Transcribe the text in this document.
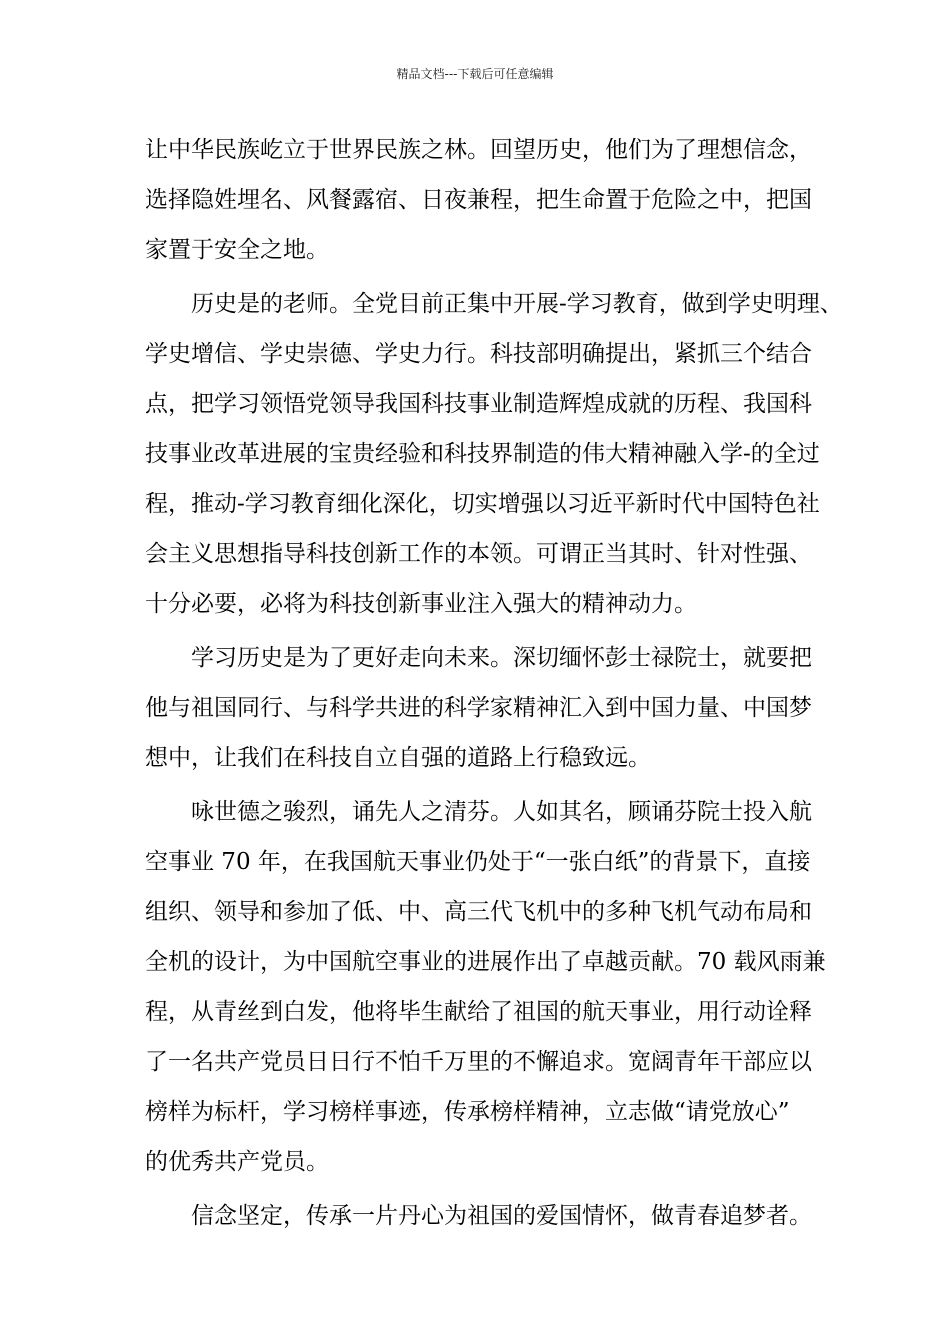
精品文档---下载后可任意编辑
让中华民族屹立于世界民族之林。回望历史，他们为了理想信念，
选择隐姓埋名、风餐露宿、日夜兼程，把生命置于危险之中，把国
家置于安全之地。
历史是的老师。全党目前正集中开展-学习教育，做到学史明理、
学史增信、学史崇德、学史力行。科技部明确提出，紧抓三个结合
点，把学习领悟党领导我国科技事业制造辉煌成就的历程、我国科
技事业改革进展的宝贵经验和科技界制造的伟大精神融入学-的全过
程，推动-学习教育细化深化，切实增强以习近平新时代中国特色社
会主义思想指导科技创新工作的本领。可谓正当其时、针对性强、
十分必要，必将为科技创新事业注入强大的精神动力。
学习历史是为了更好走向未来。深切缅怀彭士禄院士，就要把
他与祖国同行、与科学共进的科学家精神汇入到中国力量、中国梦
想中，让我们在科技自立自强的道路上行稳致远。
咏世德之骏烈，诵先人之清芬。人如其名，顾诵芬院士投入航
空事业 70 年，在我国航天事业仍处于“一张白纸”的背景下，直接
组织、领导和参加了低、中、高三代飞机中的多种飞机气动布局和
全机的设计，为中国航空事业的进展作出了卓越贡献。70 载风雨兼
程，从青丝到白发，他将毕生献给了祖国的航天事业，用行动诠释
了一名共产党员日日行不怕千万里的不懈追求。宽阔青年干部应以
榜样为标杆，学习榜样事迹，传承榜样精神，立志做“请党放心”
的优秀共产党员。
信念坚定，传承一片丹心为祖国的爱国情怀，做青春追梦者。
